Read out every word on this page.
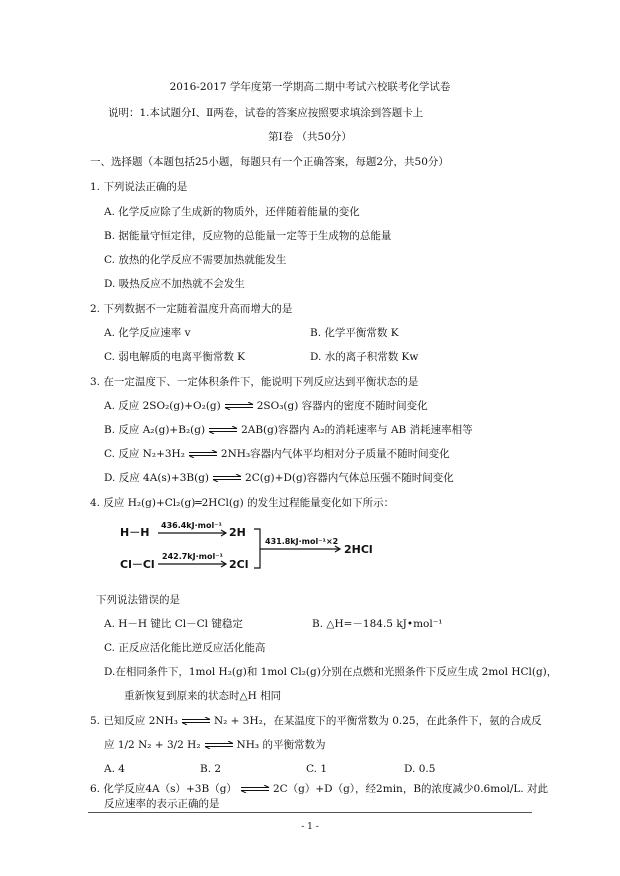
2016-2017 学年度第一学期高二期中考试六校联考化学试卷
说明：1.本试题分Ⅰ、Ⅱ两卷，试卷的答案应按照要求填涂到答题卡上
第Ⅰ卷 （共50分）
一、选择题（本题包括25小题，每题只有一个正确答案，每题2分，共50分）
1. 下列说法正确的是
A. 化学反应除了生成新的物质外，还伴随着能量的变化
B. 据能量守恒定律，反应物的总能量一定等于生成物的总能量
C. 放热的化学反应不需要加热就能发生
D. 吸热反应不加热就不会发生
2. 下列数据不一定随着温度升高而增大的是
A. 化学反应速率 v	B. 化学平衡常数 K
C. 弱电解质的电离平衡常数 K	D. 水的离子积常数 Kw
3. 在一定温度下、一定体积条件下，能说明下列反应达到平衡状态的是
A. 反应 2SO₂(g)+O₂(g) ⇌ 2SO₃(g) 容器内的密度不随时间变化
B. 反应 A₂(g)+B₂(g) ⇌ 2AB(g)容器内 A₂的消耗速率与 AB 消耗速率相等
C. 反应 N₂+3H₂ ⇌ 2NH₃容器内气体平均相对分子质量不随时间变化
D. 反应 4A(s)+3B(g) ⇌ 2C(g)+D(g)容器内气体总压强不随时间变化
4. 反应 H₂(g)+Cl₂(g)═2HCl(g) 的发生过程能量变化如下所示：
H－H
436.4kJ·mol⁻¹
2H
Cl－Cl
242.7kJ·mol⁻¹
2Cl
431.8kJ·mol⁻¹×2
2HCl
下列说法错误的是
A. H－H 键比 Cl－Cl 键稳定	B. △H=－184.5 kJ•mol⁻¹
C. 正反应活化能比逆反应活化能高
D.在相同条件下，1mol H₂(g)和 1mol Cl₂(g)分别在点燃和光照条件下反应生成 2mol HCl(g)，
重新恢复到原来的状态时△H 相同
5. 已知反应 2NH₃ ⇌ N₂ + 3H₂，在某温度下的平衡常数为 0.25，在此条件下，氨的合成反
应 1/2 N₂ + 3/2 H₂ ⇌ NH₃ 的平衡常数为
A. 4	B. 2	C. 1	D. 0.5
6. 化学反应4A（s）+3B（g） ⇌ 2C（g）+D（g），经2min，B的浓度减少0.6mol/L. 对此
反应速率的表示正确的是
- 1 -
